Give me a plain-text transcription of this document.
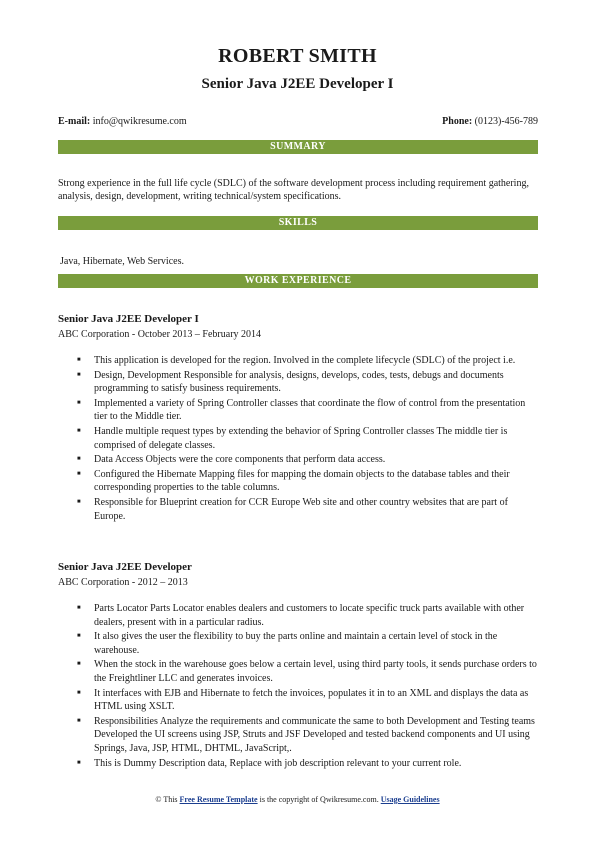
ROBERT SMITH
Senior Java J2EE Developer I
E-mail: info@qwikresume.com	Phone: (0123)-456-789
SUMMARY
Strong experience in the full life cycle (SDLC) of the software development process including requirement gathering, analysis, design, development, writing technical/system specifications.
SKILLS
Java, Hibernate, Web Services.
WORK EXPERIENCE
Senior Java J2EE Developer I
ABC Corporation - October 2013 – February 2014
■ This application is developed for the region. Involved in the complete lifecycle (SDLC) of the project i.e.
■ Design, Development Responsible for analysis, designs, develops, codes, tests, debugs and documents programming to satisfy business requirements.
■ Implemented a variety of Spring Controller classes that coordinate the flow of control from the presentation tier to the Middle tier.
■ Handle multiple request types by extending the behavior of Spring Controller classes The middle tier is comprised of delegate classes.
■ Data Access Objects were the core components that perform data access.
■ Configured the Hibernate Mapping files for mapping the domain objects to the database tables and their corresponding properties to the table columns.
■ Responsible for Blueprint creation for CCR Europe Web site and other country websites that are part of Europe.
Senior Java J2EE Developer
ABC Corporation - 2012 – 2013
■ Parts Locator Parts Locator enables dealers and customers to locate specific truck parts available with other dealers, present with in a particular radius.
■ It also gives the user the flexibility to buy the parts online and maintain a certain level of stock in the warehouse.
■ When the stock in the warehouse goes below a certain level, using third party tools, it sends purchase orders to the Freightliner LLC and generates invoices.
■ It interfaces with EJB and Hibernate to fetch the invoices, populates it in to an XML and displays the data as HTML using XSLT.
■ Responsibilities Analyze the requirements and communicate the same to both Development and Testing teams Developed the UI screens using JSP, Struts and JSF Developed and tested backend components and UI using Springs, Java, JSP, HTML, DHTML, JavaScript,.
■ This is Dummy Description data, Replace with job description relevant to your current role.
© This Free Resume Template is the copyright of Qwikresume.com. Usage Guidelines
